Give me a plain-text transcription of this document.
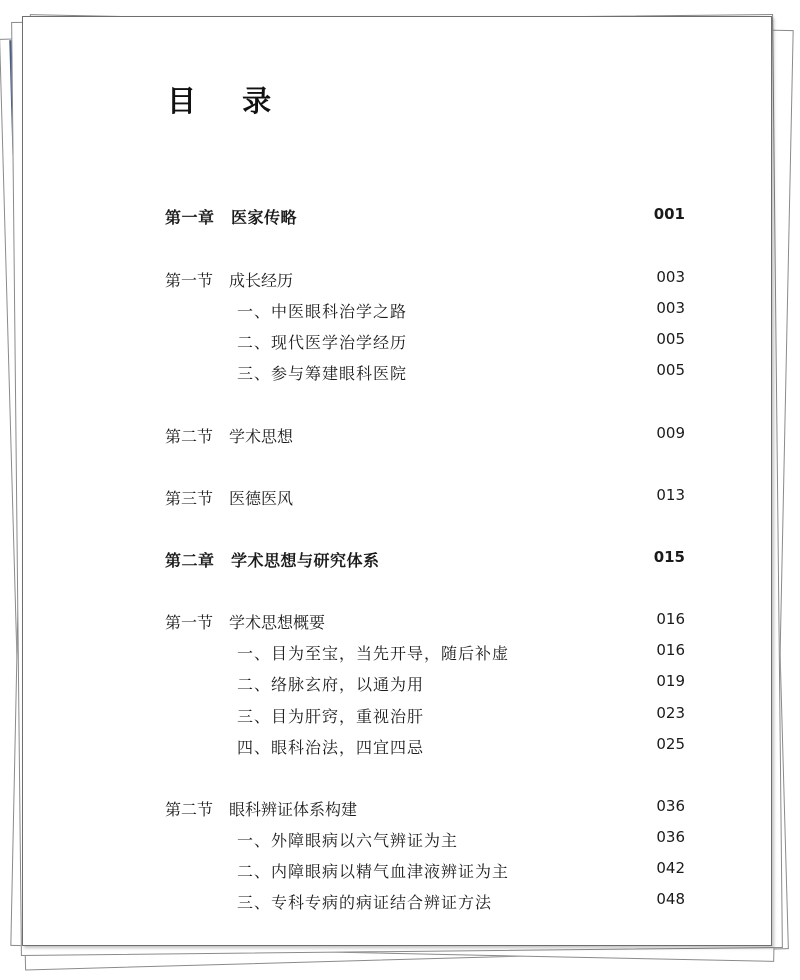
目 录
第一章　医家传略	001
第一节　成长经历	003
一、中医眼科治学之路	003
二、现代医学治学经历	005
三、参与筹建眼科医院	005
第二节　学术思想	009
第三节　医德医风	013
第二章　学术思想与研究体系	015
第一节　学术思想概要	016
一、目为至宝，当先开导，随后补虚	016
二、络脉玄府，以通为用	019
三、目为肝窍，重视治肝	023
四、眼科治法，四宜四忌	025
第二节　眼科辨证体系构建	036
一、外障眼病以六气辨证为主	036
二、内障眼病以精气血津液辨证为主	042
三、专科专病的病证结合辨证方法	048
